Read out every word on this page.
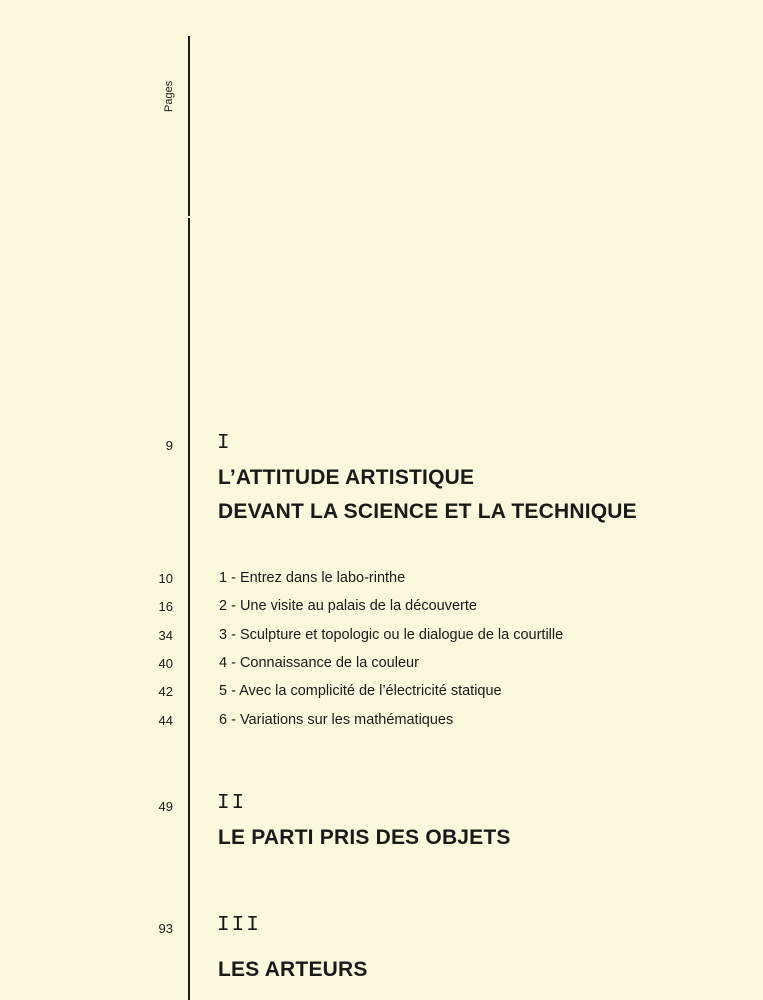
Pages
9 I
L’ATTITUDE ARTISTIQUE
DEVANT LA SCIENCE ET LA TECHNIQUE
10	1 - Entrez dans le labo-rinthe
16	2 - Une visite au palais de la découverte
34	3 - Sculpture et topologic ou le dialogue de la courtille
40	4 - Connaissance de la couleur
42	5 - Avec la complicité de l’électricité statique
44	6 - Variations sur les mathématiques
49 II
LE PARTI PRIS DES OBJETS
93 III
LES ARTEURS
